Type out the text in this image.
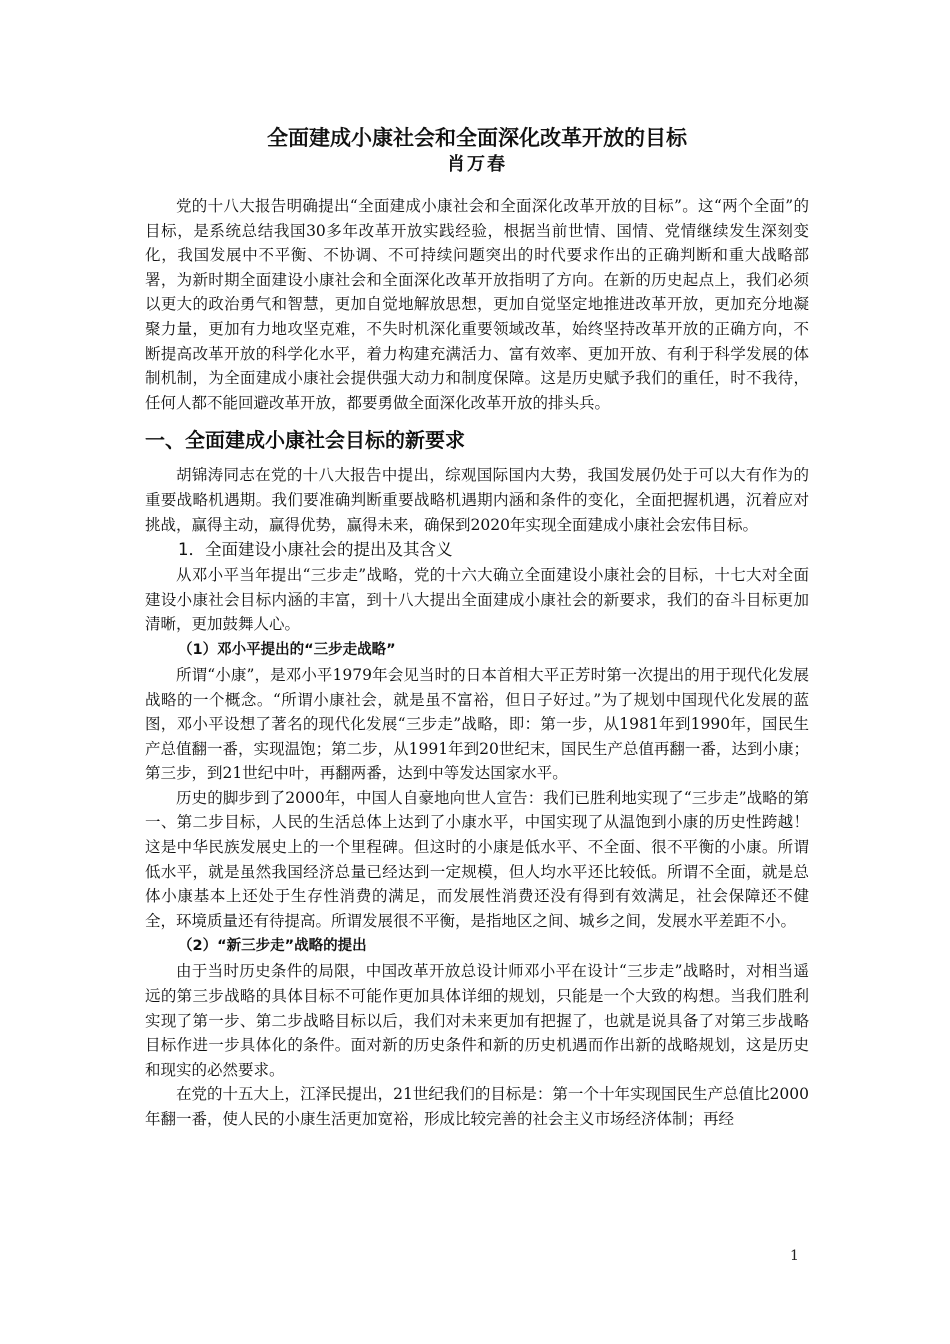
全面建成小康社会和全面深化改革开放的目标
肖万春

党的十八大报告明确提出“全面建成小康社会和全面深化改革开放的目标”。这“两个全面”的目标，是系统总结我国30多年改革开放实践经验，根据当前世情、国情、党情继续发生深刻变化，我国发展中不平衡、不协调、不可持续问题突出的时代要求作出的正确判断和重大战略部署，为新时期全面建设小康社会和全面深化改革开放指明了方向。在新的历史起点上，我们必须以更大的政治勇气和智慧，更加自觉地解放思想，更加自觉坚定地推进改革开放，更加充分地凝聚力量，更加有力地攻坚克难，不失时机深化重要领域改革，始终坚持改革开放的正确方向，不断提高改革开放的科学化水平，着力构建充满活力、富有效率、更加开放、有利于科学发展的体制机制，为全面建成小康社会提供强大动力和制度保障。这是历史赋予我们的重任，时不我待，任何人都不能回避改革开放，都要勇做全面深化改革开放的排头兵。

一、全面建成小康社会目标的新要求

胡锦涛同志在党的十八大报告中提出，综观国际国内大势，我国发展仍处于可以大有作为的重要战略机遇期。我们要准确判断重要战略机遇期内涵和条件的变化，全面把握机遇，沉着应对挑战，赢得主动，赢得优势，赢得未来，确保到2020年实现全面建成小康社会宏伟目标。

1．全面建设小康社会的提出及其含义

从邓小平当年提出“三步走”战略，党的十六大确立全面建设小康社会的目标，十七大对全面建设小康社会目标内涵的丰富，到十八大提出全面建成小康社会的新要求，我们的奋斗目标更加清晰，更加鼓舞人心。

（1）邓小平提出的“三步走战略”

所谓“小康”，是邓小平1979年会见当时的日本首相大平正芳时第一次提出的用于现代化发展战略的一个概念。“所谓小康社会，就是虽不富裕，但日子好过。”为了规划中国现代化发展的蓝图，邓小平设想了著名的现代化发展“三步走”战略，即：第一步，从1981年到1990年，国民生产总值翻一番，实现温饱；第二步，从1991年到20世纪末，国民生产总值再翻一番，达到小康；第三步，到21世纪中叶，再翻两番，达到中等发达国家水平。

历史的脚步到了2000年，中国人自豪地向世人宣告：我们已胜利地实现了“三步走”战略的第一、第二步目标，人民的生活总体上达到了小康水平，中国实现了从温饱到小康的历史性跨越！这是中华民族发展史上的一个里程碑。但这时的小康是低水平、不全面、很不平衡的小康。所谓低水平，就是虽然我国经济总量已经达到一定规模，但人均水平还比较低。所谓不全面，就是总体小康基本上还处于生存性消费的满足，而发展性消费还没有得到有效满足，社会保障还不健全，环境质量还有待提高。所谓发展很不平衡，是指地区之间、城乡之间，发展水平差距不小。

（2）“新三步走”战略的提出

由于当时历史条件的局限，中国改革开放总设计师邓小平在设计“三步走”战略时，对相当遥远的第三步战略的具体目标不可能作更加具体详细的规划，只能是一个大致的构想。当我们胜利实现了第一步、第二步战略目标以后，我们对未来更加有把握了，也就是说具备了对第三步战略目标作进一步具体化的条件。面对新的历史条件和新的历史机遇而作出新的战略规划，这是历史和现实的必然要求。

在党的十五大上，江泽民提出，21世纪我们的目标是：第一个十年实现国民生产总值比2000年翻一番，使人民的小康生活更加宽裕，形成比较完善的社会主义市场经济体制；再经

1
